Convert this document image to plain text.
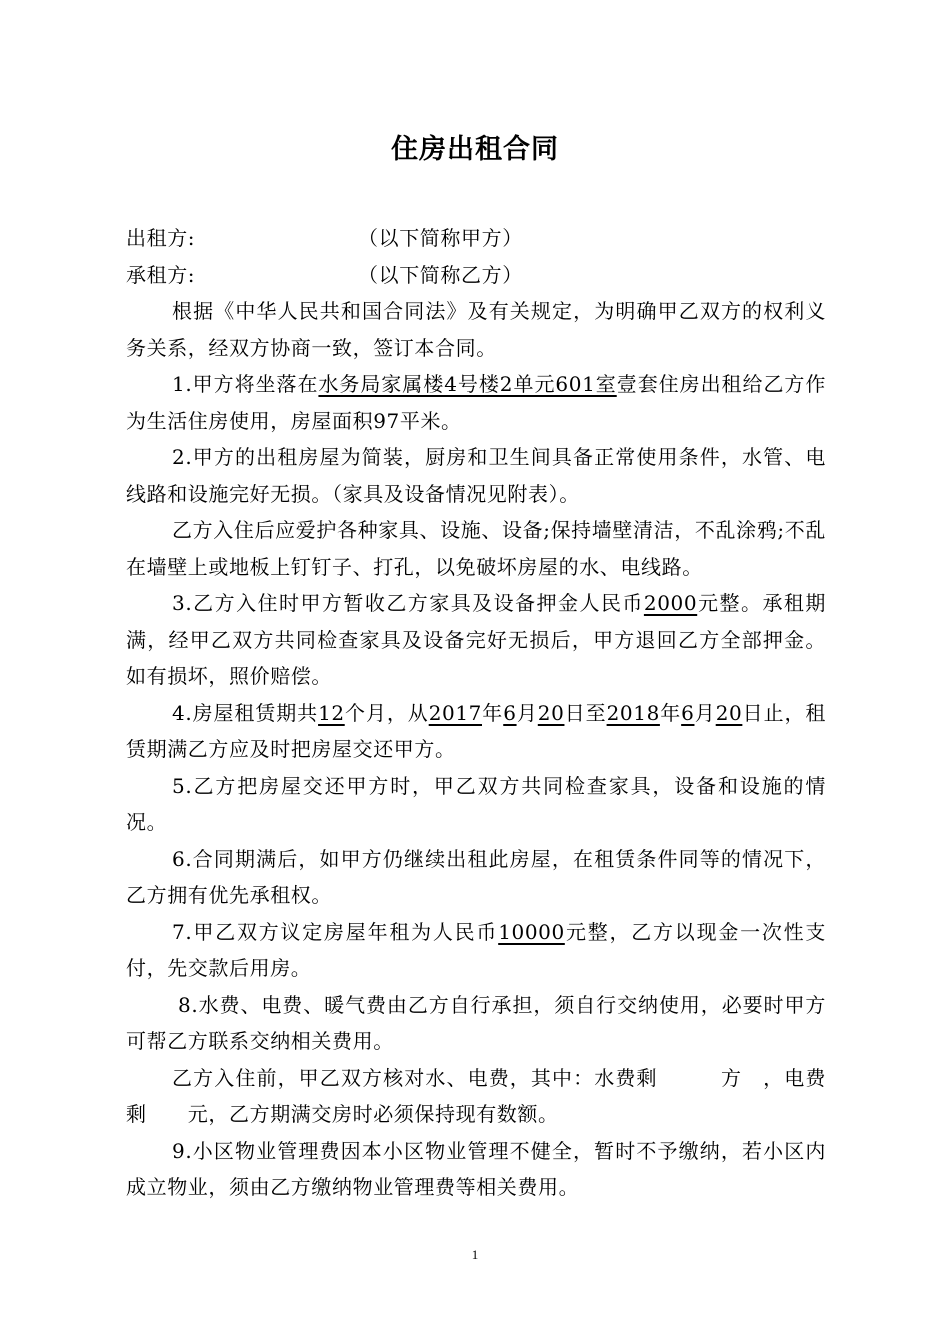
住房出租合同

出租方:	（以下简称甲方）

承租方:	（以下简称乙方）

根据《中华人民共和国合同法》及有关规定，为明确甲乙双方的权利义务关系，经双方协商一致，签订本合同。

1.甲方将坐落在水务局家属楼4号楼2单元601室壹套住房出租给乙方作为生活住房使用，房屋面积97平米。

2.甲方的出租房屋为简装，厨房和卫生间具备正常使用条件，水管、电线路和设施完好无损。（家具及设备情况见附表）。

乙方入住后应爱护各种家具、设施、设备;保持墙壁清洁，不乱涂鸦;不乱在墙壁上或地板上钉钉子、打孔，以免破坏房屋的水、电线路。

3.乙方入住时甲方暂收乙方家具及设备押金人民币2000元整。承租期满，经甲乙双方共同检查家具及设备完好无损后，甲方退回乙方全部押金。如有损坏，照价赔偿。

4.房屋租赁期共12个月，从2017年6月20日至2018年6月20日止，租赁期满乙方应及时把房屋交还甲方。

5.乙方把房屋交还甲方时，甲乙双方共同检查家具，设备和设施的情况。

6.合同期满后，如甲方仍继续出租此房屋，在租赁条件同等的情况下，乙方拥有优先承租权。

7.甲乙双方议定房屋年租为人民币10000元整，乙方以现金一次性支付，先交款后用房。

8.水费、电费、暖气费由乙方自行承担，须自行交纳使用，必要时甲方可帮乙方联系交纳相关费用。

乙方入住前，甲乙双方核对水、电费，其中：水费剩　　　方　，电费剩　　元，乙方期满交房时必须保持现有数额。

9.小区物业管理费因本小区物业管理不健全，暂时不予缴纳，若小区内成立物业，须由乙方缴纳物业管理费等相关费用。

1
